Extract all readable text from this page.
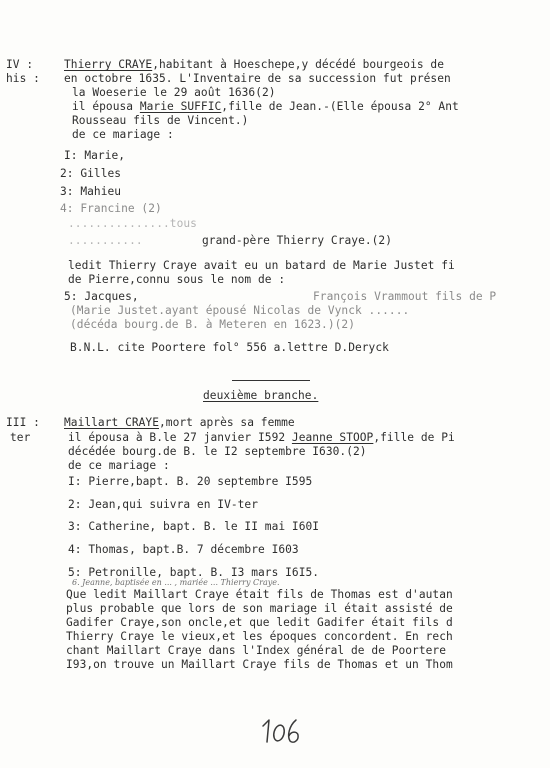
IV :	Thierry CRAYE,habitant à Hoeschepe,y décédé bourgeois de
his : en octobre 1635. L'Inventaire de sa succession fut présen
la Woeserie le 29 août 1636(2)
il épousa Marie SUFFIC,fille de Jean.-(Elle épousa 2° Ant
Rousseau fils de Vincent.)
de ce mariage :
I: Marie,
2: Gilles
3: Mahieu
4: Francine (2)
...............tous
...........	grand-père Thierry Craye.(2)
ledit Thierry Craye avait eu un batard de Marie Justet fi
de Pierre,connu sous le nom de :
5: Jacques,	François Vrammout fils de P
(Marie Justet.ayant épousé Nicolas de Vynck ......
(décéda bourg.de B. à Meteren en 1623.)(2)
B.N.L. cite Poortere fol° 556 a.lettre D.Deryck
deuxième branche.
III : Maillart CRAYE,mort après sa femme
ter	il épousa à B.le 27 janvier I592 Jeanne STOOP,fille de Pi
décédée bourg.de B. le I2 septembre I630.(2)
de ce mariage :
I: Pierre,bapt. B. 20 septembre I595
2: Jean,qui suivra en IV-ter
3: Catherine, bapt. B. le II mai I60I
4: Thomas, bapt.B. 7 décembre I603
5: Petronille, bapt. B. I3 mars I6I5.
6. Jeanne, baptisée en ... , mariée ... Thierry Craye.
Que ledit Maillart Craye était fils de Thomas est d'autan
plus probable que lors de son mariage il était assisté de
Gadifer Craye,son oncle,et que ledit Gadifer était fils d
Thierry Craye le vieux,et les époques concordent. En rech
chant Maillart Craye dans l'Index général de de Poortere
I93,on trouve un Maillart Craye fils de Thomas et un Thom
